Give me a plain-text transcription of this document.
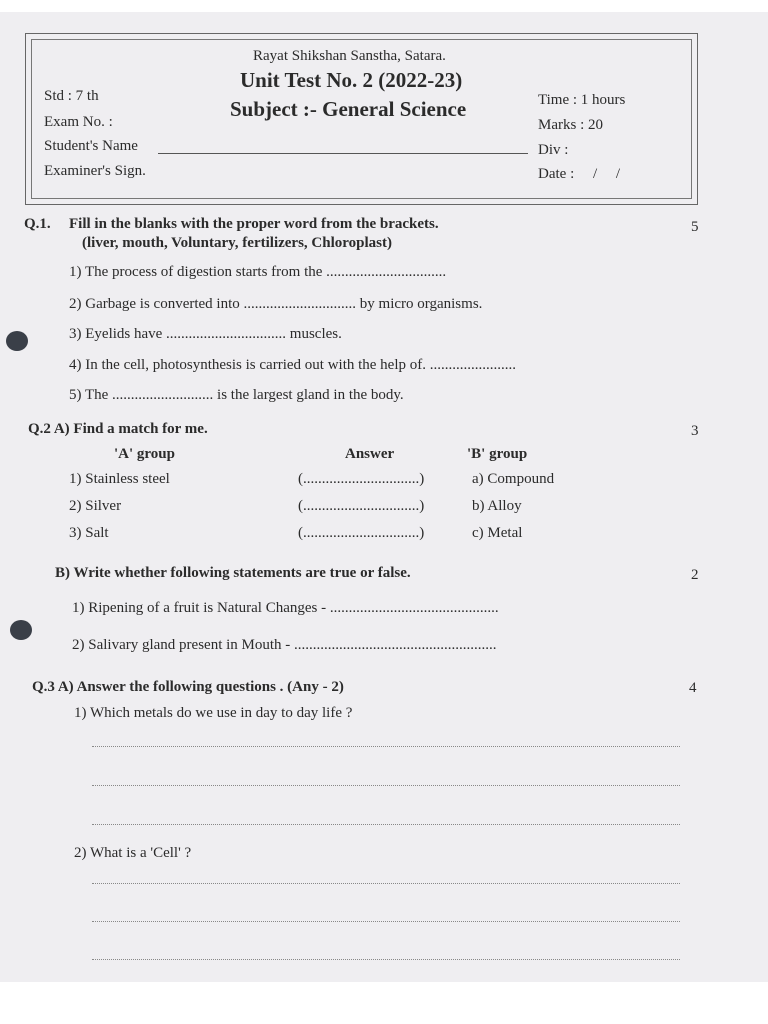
Rayat Shikshan Sanstha, Satara.
Unit Test No. 2 (2022-23)
Subject :- General Science
Std : 7 th
Exam No. :
Student's Name
Examiner's Sign.
Time : 1 hours
Marks : 20
Div :
Date :     /     /
Q.1. Fill in the blanks with the proper word from the brackets.
(liver, mouth, Voluntary, fertilizers, Chloroplast)
5
1) The process of digestion starts from the ................................
2) Garbage is converted into .............................. by micro organisms.
3) Eyelids have ................................ muscles.
4) In the cell, photosynthesis is carried out with the help of. .......................
5) The ........................... is the largest gland in the body.
Q.2 A) Find a match for me.	3
'A' group	Answer	'B' group
1) Stainless steel	(...............................)	a) Compound
2) Silver	(...............................)	b) Alloy
3) Salt	(...............................)	c) Metal
B) Write whether following statements are true or false.	2
1) Ripening of a fruit is Natural Changes - .............................................
2) Salivary gland present in Mouth - ......................................................
Q.3 A) Answer the following questions . (Any - 2)	4
1) Which metals do we use in day to day life ?
2) What is a 'Cell' ?
